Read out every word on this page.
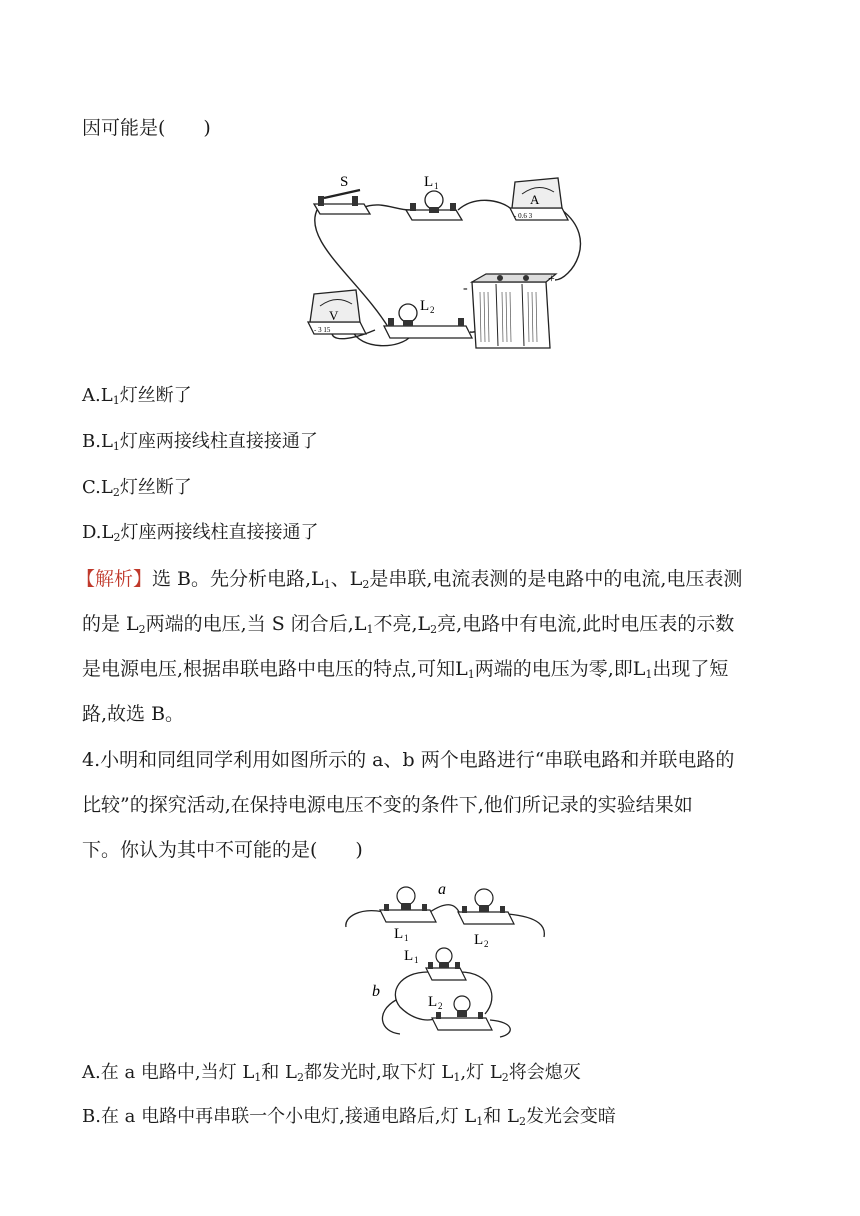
因可能是(　　)
S	L 1
A
- 0.6 3
V
- 3 15
L 2
-
+
$A.L_1$灯丝断了
$B.L_1$灯座两接线柱直接接通了
$C.L_2$灯丝断了
$D.L_2$灯座两接线柱直接接通了
【解析】选 B。先分析电路$,L_1$、$L_2$是串联,电流表测的是电路中的电流,电压表测
的是 $L_2$两端的电压,当 S 闭合后$,L_1$不亮$,L_2$亮,电路中有电流,此时电压表的示数
是电源电压,根据串联电路中电压的特点,可知$L_1$两端的电压为零,即$L_1$出现了短
路,故选 B。
4.小明和同组同学利用如图所示的 a、b 两个电路进行“串联电路和并联电路的
比较”的探究活动,在保持电源电压不变的条件下,他们所记录的实验结果如
下。你认为其中不可能的是(　　)
a
L 1	L 2
L 1
L 2
b
A.在 a 电路中,当灯 $L_1$和 $L_2$都发光时,取下灯 $L_1$,灯 $L_2$将会熄灭
B.在 a 电路中再串联一个小电灯,接通电路后,灯 $L_1$和 $L_2$发光会变暗
